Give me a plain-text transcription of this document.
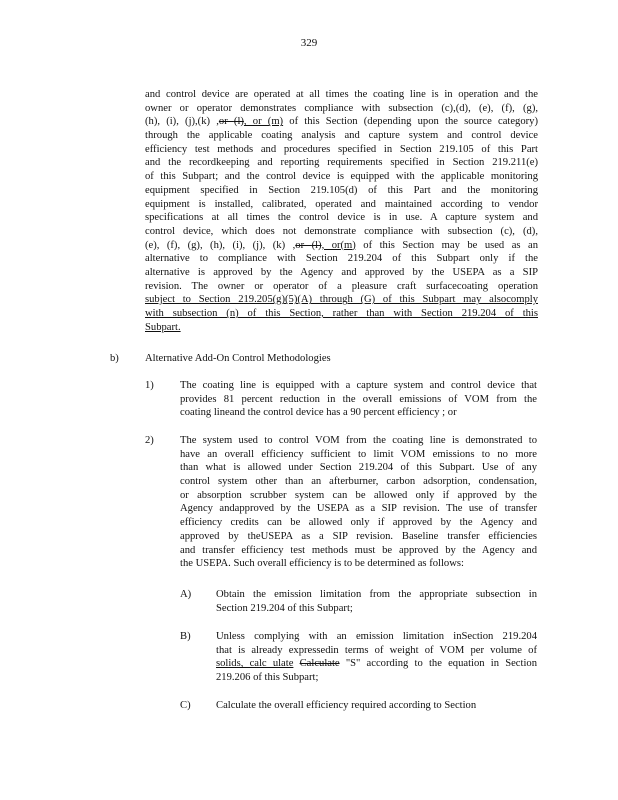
329
and control device are operated at all times the coating line is in operation and the
owner or operator demonstrates compliance with subsection (c),(d), (e), (f), (g),
(h), (i), (j),(k) ,or (l), or (m) of this Section (depending upon the source category)
through the applicable coating analysis and capture system and control device
efficiency test methods and procedures specified in Section 219.105 of this Part
and the recordkeeping and reporting requirements specified in Section 219.211(e)
of this Subpart; and the control device is equipped with the applicable monitoring
equipment specified in Section 219.105(d) of this Part and the monitoring
equipment is installed, calibrated, operated and maintained according to vendor
specifications at all times the control device is in use. A capture system and
control device, which does not demonstrate compliance with subsection (c), (d),
(e), (f), (g), (h), (i), (j), (k) ,or (l), or(m) of this Section may be used as an
alternative to compliance with Section 219.204 of this Subpart only if the
alternative is approved by the Agency and approved by the USEPA as a SIP
revision. The owner or operator of a pleasure craft surfacecoating operation
subject to Section 219.205(g)(5)(A) through (G) of this Subpart may alsocomply
with subsection (n) of this Section, rather than with Section 219.204 of this
Subpart.
b) Alternative Add-On Control Methodologies
1) The coating line is equipped with a capture system and control device that
provides 81 percent reduction in the overall emissions of VOM from the
coating lineand the control device has a 90 percent efficiency ; or
2) The system used to control VOM from the coating line is demonstrated to
have an overall efficiency sufficient to limit VOM emissions to no more
than what is allowed under Section 219.204 of this Subpart. Use of any
control system other than an afterburner, carbon adsorption, condensation,
or absorption scrubber system can be allowed only if approved by the
Agency andapproved by the USEPA as a SIP revision. The use of transfer
efficiency credits can be allowed only if approved by the Agency and
approved by theUSEPA as a SIP revision. Baseline transfer efficiencies
and transfer efficiency test methods must be approved by the Agency and
the USEPA. Such overall efficiency is to be determined as follows:
A) Obtain the emission limitation from the appropriate subsection in
Section 219.204 of this Subpart;
B) Unless complying with an emission limitation inSection 219.204
that is already expressedin terms of weight of VOM per volume of
solids, calc ulate Calculate "S" according to the equation in Section
219.206 of this Subpart;
C) Calculate the overall efficiency required according to Section
